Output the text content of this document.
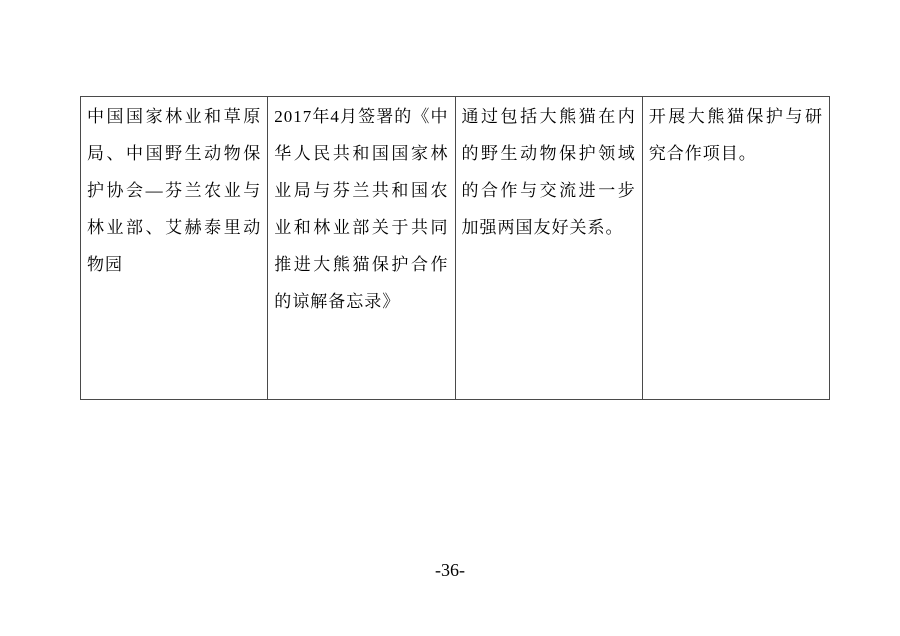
中国国家林业和草原局、中国野生动物保护协会—芬兰农业与林业部、艾赫泰里动物园	2017年4月签署的《中华人民共和国国家林业局与芬兰共和国农业和林业部关于共同推进大熊猫保护合作的谅解备忘录》	通过包括大熊猫在内的野生动物保护领域的合作与交流进一步加强两国友好关系。	开展大熊猫保护与研究合作项目。
-36-
